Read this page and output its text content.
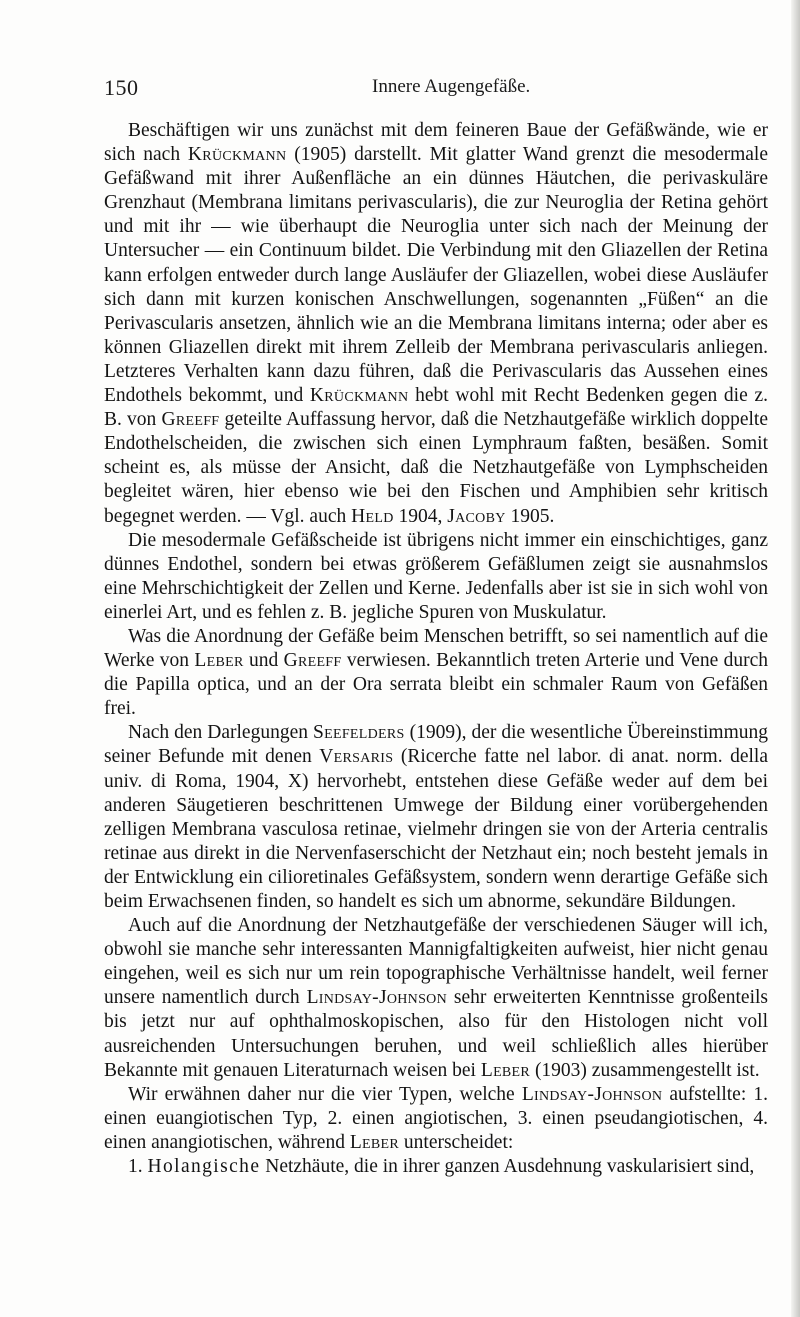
150	Innere Augengefäße.

Beschäftigen wir uns zunächst mit dem feineren Baue der Gefäßwände, wie er sich nach Krückmann (1905) darstellt. Mit glatter Wand grenzt die mesodermale Gefäßwand mit ihrer Außenfläche an ein dünnes Häutchen, die perivaskuläre Grenzhaut (Membrana limitans perivascularis), die zur Neuroglia der Retina gehört und mit ihr — wie überhaupt die Neuroglia unter sich nach der Meinung der Untersucher — ein Continuum bildet. Die Verbindung mit den Gliazellen der Retina kann erfolgen entweder durch lange Ausläufer der Gliazellen, wobei diese Ausläufer sich dann mit kurzen konischen Anschwellungen, sogenannten „Füßen“ an die Perivascularis ansetzen, ähnlich wie an die Membrana limitans interna; oder aber es können Gliazellen direkt mit ihrem Zelleib der Membrana perivascularis anliegen. Letzteres Verhalten kann dazu führen, daß die Perivascularis das Aussehen eines Endothels bekommt, und Krückmann hebt wohl mit Recht Bedenken gegen die z. B. von Greeff geteilte Auffassung hervor, daß die Netzhautgefäße wirklich doppelte Endothelscheiden, die zwischen sich einen Lymphraum faßten, besäßen. Somit scheint es, als müsse der Ansicht, daß die Netzhautgefäße von Lymphscheiden begleitet wären, hier ebenso wie bei den Fischen und Amphibien sehr kritisch begegnet werden. — Vgl. auch Held 1904, Jacoby 1905.

Die mesodermale Gefäßscheide ist übrigens nicht immer ein einschichtiges, ganz dünnes Endothel, sondern bei etwas größerem Gefäßlumen zeigt sie ausnahmslos eine Mehrschichtigkeit der Zellen und Kerne. Jedenfalls aber ist sie in sich wohl von einerlei Art, und es fehlen z. B. jegliche Spuren von Muskulatur.

Was die Anordnung der Gefäße beim Menschen betrifft, so sei namentlich auf die Werke von Leber und Greeff verwiesen. Bekanntlich treten Arterie und Vene durch die Papilla optica, und an der Ora serrata bleibt ein schmaler Raum von Gefäßen frei.

Nach den Darlegungen Seefelders (1909), der die wesentliche Übereinstimmung seiner Befunde mit denen Versaris (Ricerche fatte nel labor. di anat. norm. della univ. di Roma, 1904, X) hervorhebt, entstehen diese Gefäße weder auf dem bei anderen Säugetieren beschrittenen Umwege der Bildung einer vorübergehenden zelligen Membrana vasculosa retinae, vielmehr dringen sie von der Arteria centralis retinae aus direkt in die Nervenfaserschicht der Netzhaut ein; noch besteht jemals in der Entwicklung ein cilioretinales Gefäßsystem, sondern wenn derartige Gefäße sich beim Erwachsenen finden, so handelt es sich um abnorme, sekundäre Bildungen.

Auch auf die Anordnung der Netzhautgefäße der verschiedenen Säuger will ich, obwohl sie manche sehr interessanten Mannigfaltigkeiten aufweist, hier nicht genau eingehen, weil es sich nur um rein topographische Verhältnisse handelt, weil ferner unsere namentlich durch Lindsay-Johnson sehr erweiterten Kenntnisse großenteils bis jetzt nur auf ophthalmoskopischen, also für den Histologen nicht voll ausreichenden Untersuchungen beruhen, und weil schließlich alles hierüber Bekannte mit genauen Literaturnach weisen bei Leber (1903) zusammengestellt ist.

Wir erwähnen daher nur die vier Typen, welche Lindsay-Johnson aufstellte: 1. einen euangiotischen Typ, 2. einen angiotischen, 3. einen pseudangiotischen, 4. einen anangiotischen, während Leber unterscheidet:

1. Holangische Netzhäute, die in ihrer ganzen Ausdehnung vaskularisiert sind,
